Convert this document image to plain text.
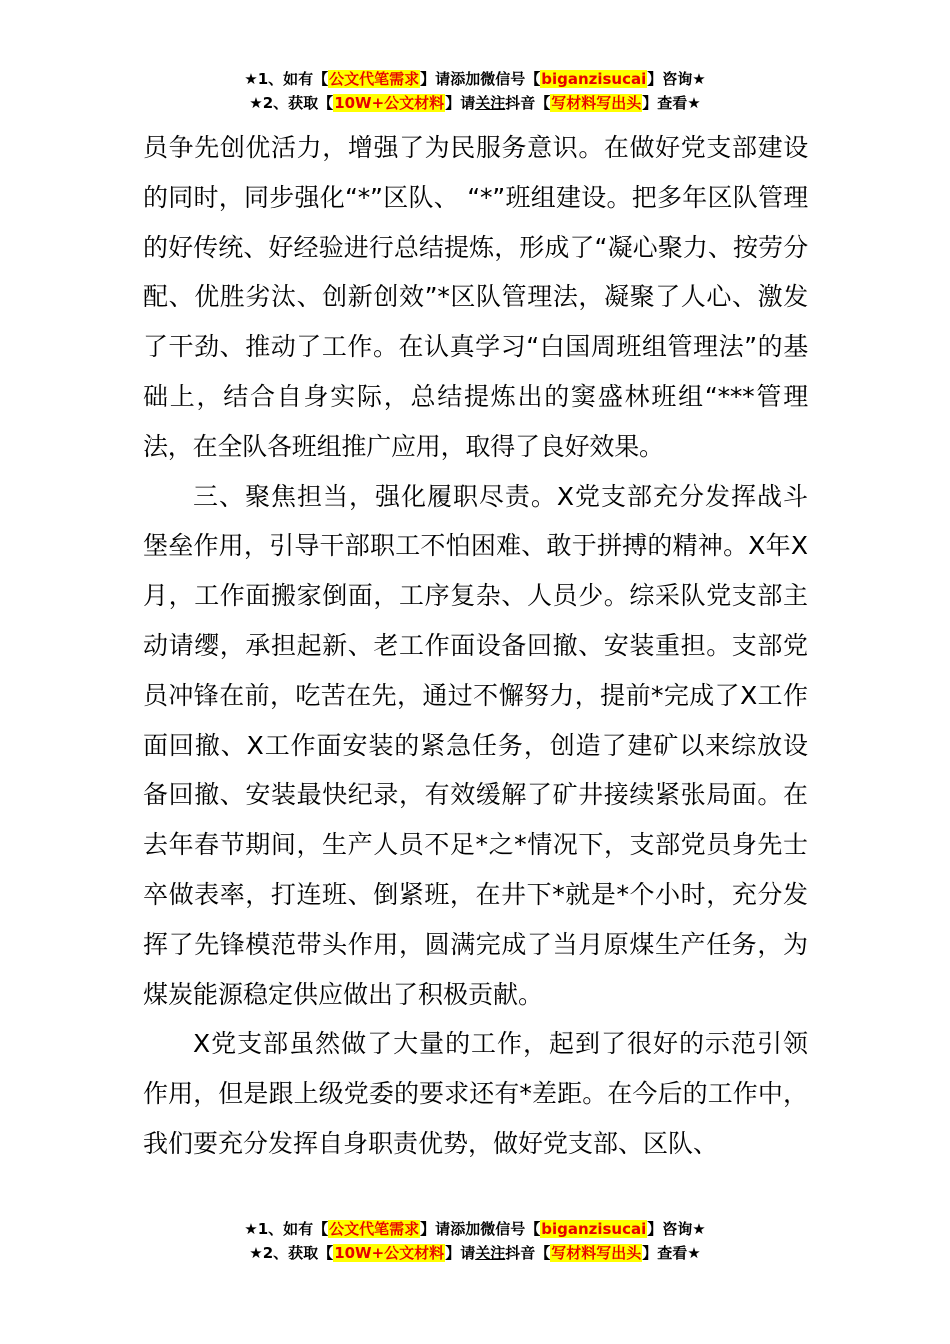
★1、如有【公文代笔需求】请添加微信号【biganzisucai】咨询★
★2、获取【10W+公文材料】请关注抖音【写材料写出头】查看★

员争先创优活力，增强了为民服务意识。在做好党支部建设的同时，同步强化“*”区队、 “*”班组建设。把多年区队管理的好传统、好经验进行总结提炼，形成了“凝心聚力、按劳分配、优胜劣汰、创新创效”*区队管理法，凝聚了人心、激发了干劲、推动了工作。在认真学习“白国周班组管理法”的基础上，结合自身实际，总结提炼出的窦盛林班组“***管理法，在全队各班组推广应用，取得了良好效果。

三、聚焦担当，强化履职尽责。X党支部充分发挥战斗堡垒作用，引导干部职工不怕困难、敢于拼搏的精神。X年X月，工作面搬家倒面，工序复杂、人员少。综采队党支部主动请缨，承担起新、老工作面设备回撤、安装重担。支部党员冲锋在前，吃苦在先，通过不懈努力，提前*完成了X工作面回撤、X工作面安装的紧急任务，创造了建矿以来综放设备回撤、安装最快纪录，有效缓解了矿井接续紧张局面。在去年春节期间，生产人员不足*之*情况下，支部党员身先士卒做表率，打连班、倒紧班，在井下*就是*个小时，充分发挥了先锋模范带头作用，圆满完成了当月原煤生产任务，为煤炭能源稳定供应做出了积极贡献。

X党支部虽然做了大量的工作，起到了很好的示范引领作用，但是跟上级党委的要求还有*差距。在今后的工作中，我们要充分发挥自身职责优势，做好党支部、区队、

★1、如有【公文代笔需求】请添加微信号【biganzisucai】咨询★
★2、获取【10W+公文材料】请关注抖音【写材料写出头】查看★
